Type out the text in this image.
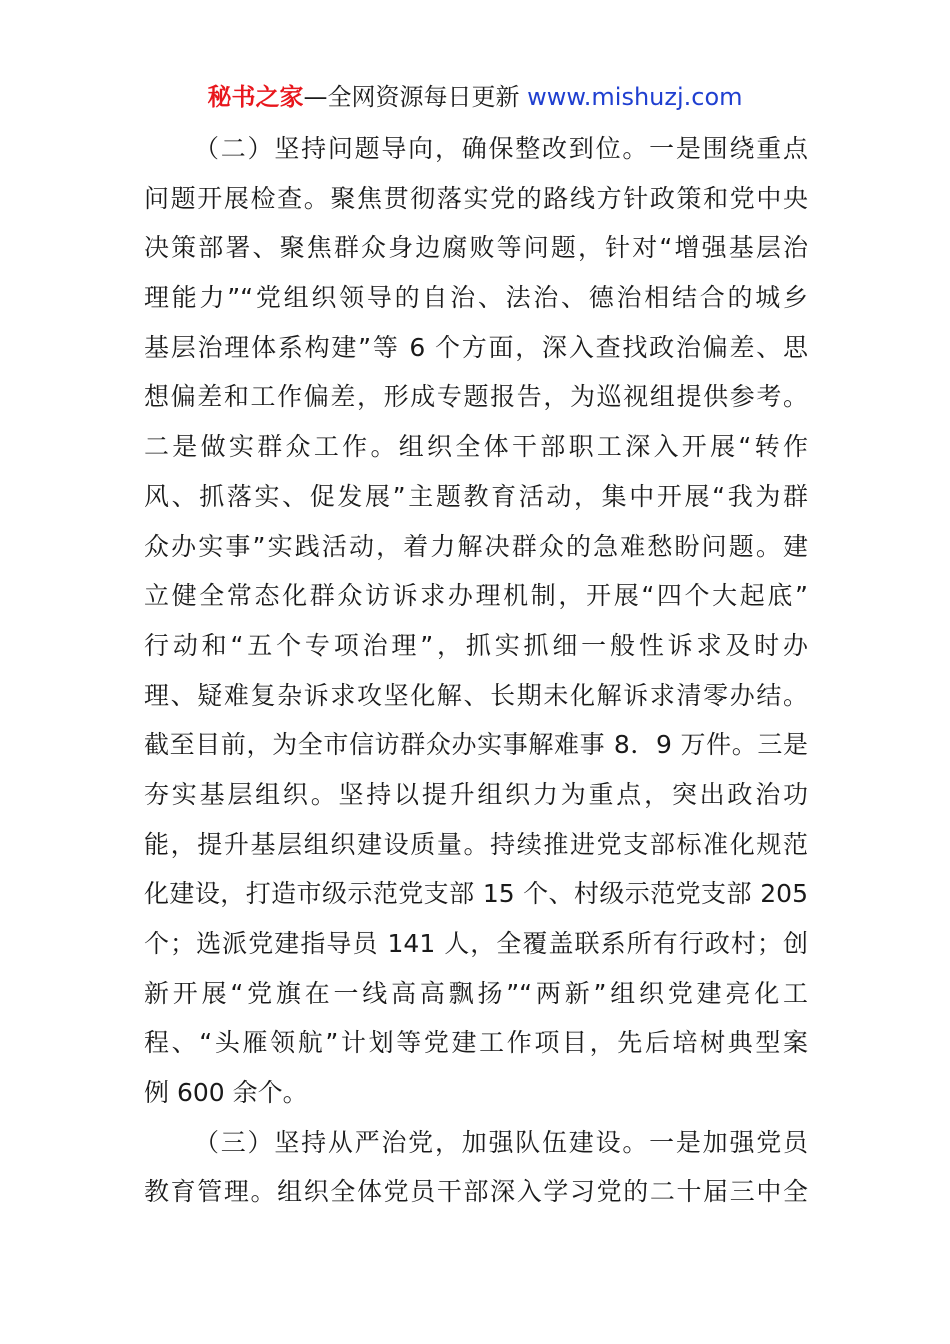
秘书之家—全网资源每日更新 www.mishuzj.com
（二）坚持问题导向，确保整改到位。一是围绕重点
问题开展检查。聚焦贯彻落实党的路线方针政策和党中央
决策部署、聚焦群众身边腐败等问题，针对“增强基层治
理能力”“党组织领导的自治、法治、德治相结合的城乡
基层治理体系构建”等 6 个方面，深入查找政治偏差、思
想偏差和工作偏差，形成专题报告，为巡视组提供参考。
二是做实群众工作。组织全体干部职工深入开展“转作
风、抓落实、促发展”主题教育活动，集中开展“我为群
众办实事”实践活动，着力解决群众的急难愁盼问题。建
立健全常态化群众访诉求办理机制，开展“四个大起底”
行动和“五个专项治理”，抓实抓细一般性诉求及时办
理、疑难复杂诉求攻坚化解、长期未化解诉求清零办结。
截至目前，为全市信访群众办实事解难事 8．9 万件。三是
夯实基层组织。坚持以提升组织力为重点，突出政治功
能，提升基层组织建设质量。持续推进党支部标准化规范
化建设，打造市级示范党支部 15 个、村级示范党支部 205
个；选派党建指导员 141 人，全覆盖联系所有行政村；创
新开展“党旗在一线高高飘扬”“两新”组织党建亮化工
程、“头雁领航”计划等党建工作项目，先后培树典型案
例 600 余个。
（三）坚持从严治党，加强队伍建设。一是加强党员
教育管理。组织全体党员干部深入学习党的二十届三中全
